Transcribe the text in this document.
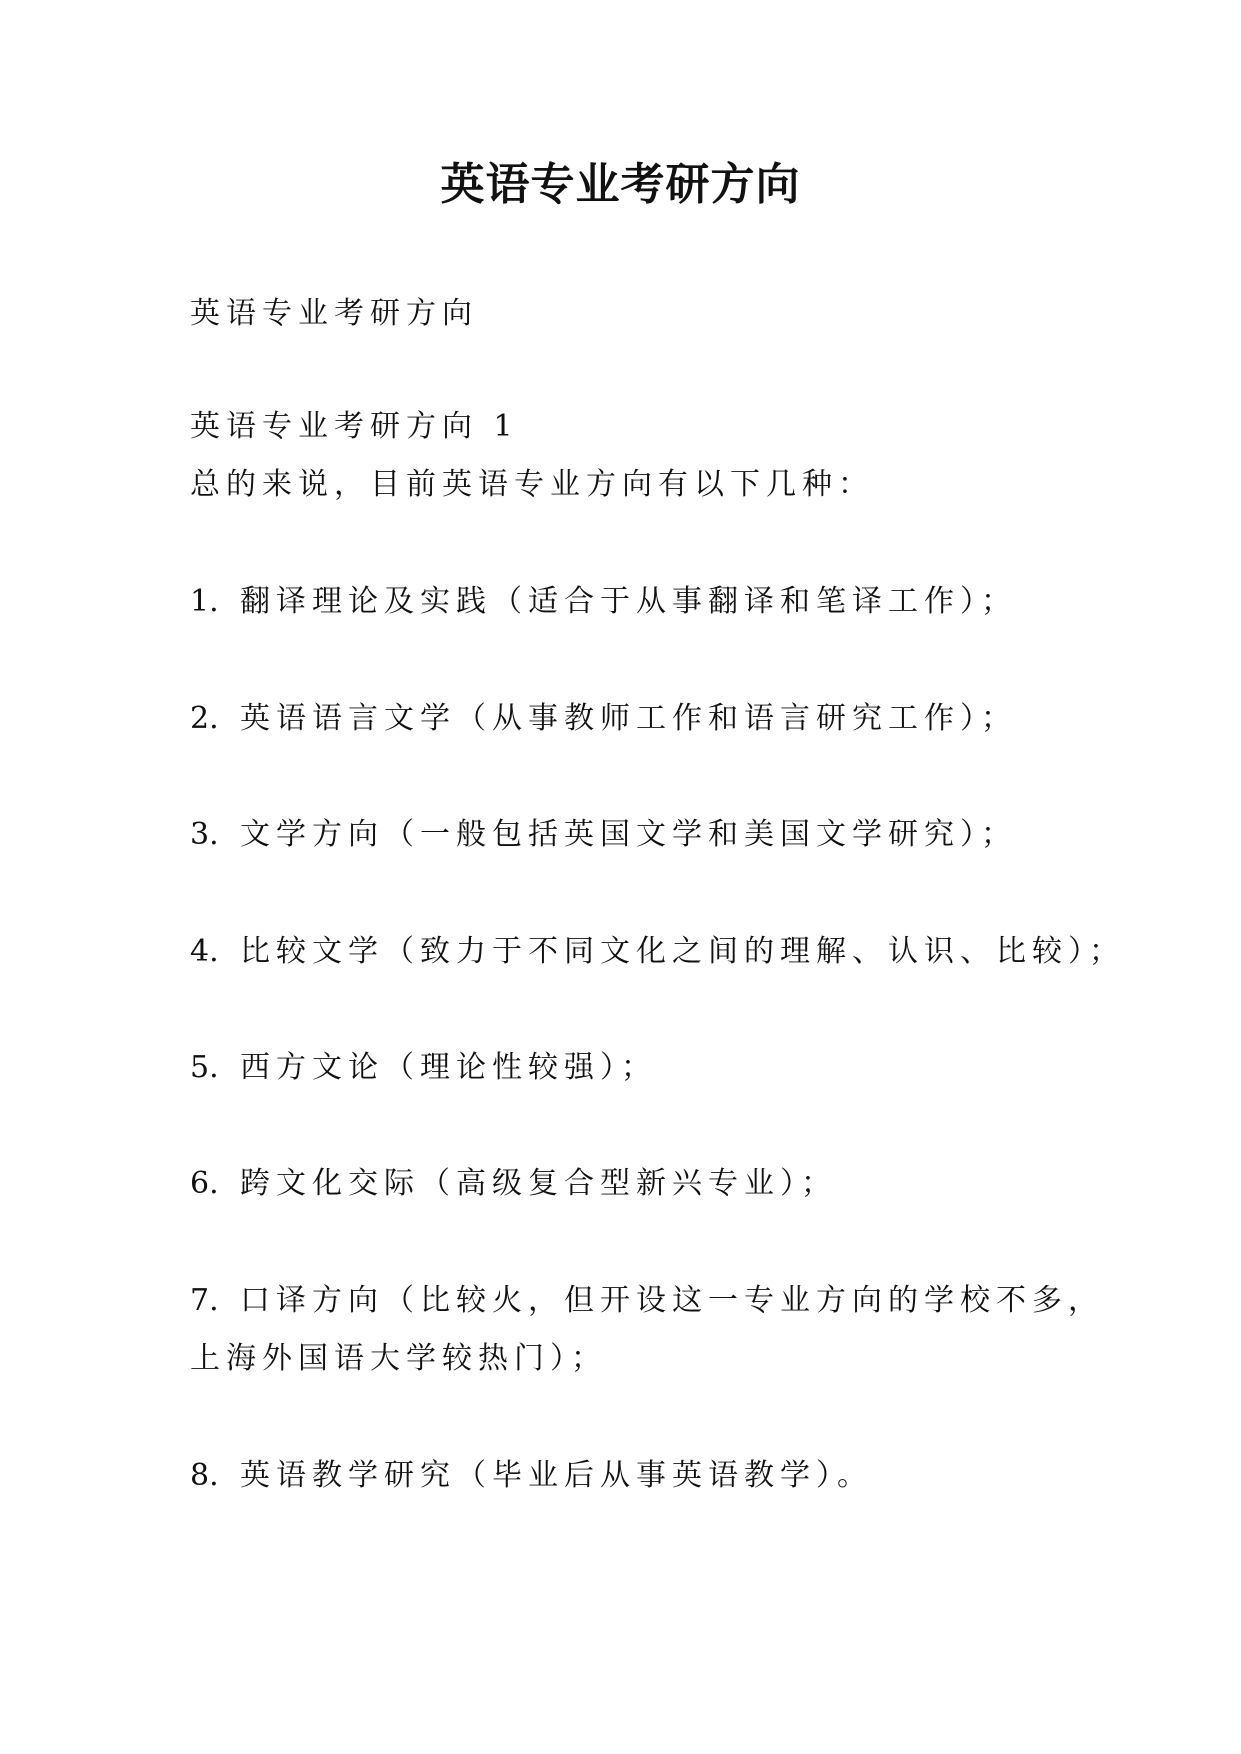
英语专业考研方向
英语专业考研方向
英语专业考研方向 1
总的来说，目前英语专业方向有以下几种：
1. 翻译理论及实践（适合于从事翻译和笔译工作）；
2. 英语语言文学（从事教师工作和语言研究工作）；
3. 文学方向（一般包括英国文学和美国文学研究）；
4. 比较文学（致力于不同文化之间的理解、认识、比较）；
5. 西方文论（理论性较强）；
6. 跨文化交际（高级复合型新兴专业）；
7. 口译方向（比较火，但开设这一专业方向的学校不多，
上海外国语大学较热门）；
8. 英语教学研究（毕业后从事英语教学）。
